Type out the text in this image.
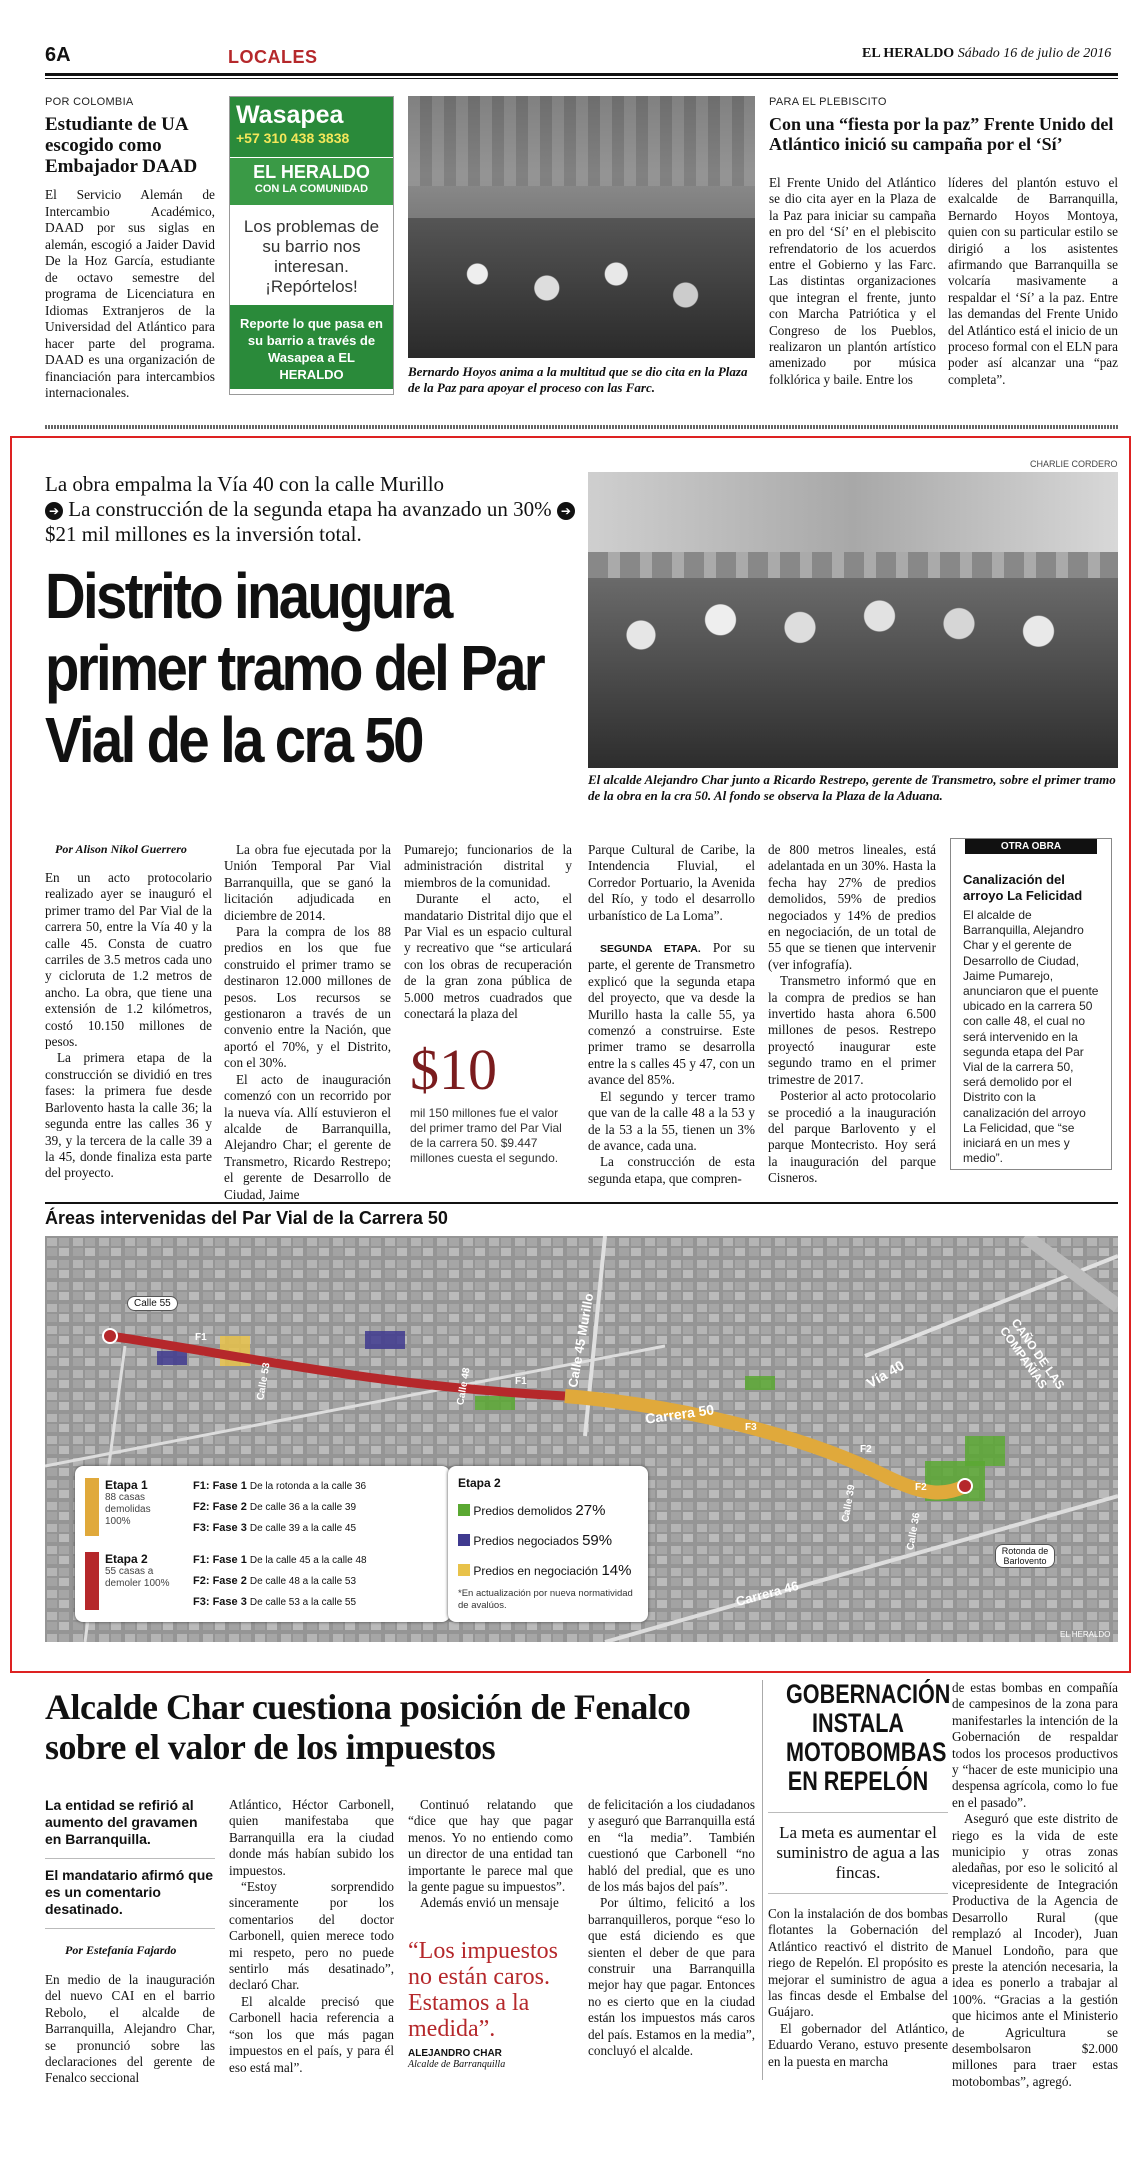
6A	LOCALES	EL HERALDO Sábado 16 de julio de 2016
POR COLOMBIA
Estudiante de UA escogido como Embajador DAAD
El Servicio Alemán de Intercambio Académico, DAAD por sus siglas en alemán, escogió a Jaider David De la Hoz García, estudiante de octavo semestre del programa de Licenciatura en Idiomas Extranjeros de la Universidad del Atlántico para hacer parte del programa. DAAD es una organización de financiación para intercambios internacionales.
Wasapea
+57 310 438 3838
EL HERALDO
CON LA COMUNIDAD
Los problemas de su barrio nos interesan. ¡Repórtelos!
Reporte lo que pasa en su barrio a través de Wasapea a EL HERALDO	Bernardo Hoyos anima a la multitud que se dio cita en la Plaza de la Paz para apoyar el proceso con las Farc.
PARA EL PLEBISCITO
Con una “fiesta por la paz” Frente Unido del Atlántico inició su campaña por el ‘Sí’
El Frente Unido del Atlántico se dio cita ayer en la Plaza de la Paz para iniciar su campaña en pro del ‘Sí’ en el plebiscito refrendatorio de los acuerdos entre el Gobierno y las Farc. Las distintas organizaciones que integran el frente, junto con Marcha Patriótica y el Congreso de los Pueblos, realizaron un plantón artístico amenizado por música folklórica y baile. Entre los
líderes del plantón estuvo el exalcalde de Barranquilla, Bernardo Hoyos Montoya, quien con su particular estilo se dirigió a los asistentes afirmando que Barranquilla se volcaría masivamente a respaldar el ‘Sí’ a la paz. Entre las demandas del Frente Unido del Atlántico está el inicio de un proceso formal con el ELN para poder así alcanzar una “paz completa”.
La obra empalma la Vía 40 con la calle Murillo
➔ La construcción de la segunda etapa ha avanzado un 30% ➔ $21 mil millones es la inversión total.
Distrito inaugura primer tramo del Par Vial de la cra 50
CHARLIE CORDERO
El alcalde Alejandro Char junto a Ricardo Restrepo, gerente de Transmetro, sobre el primer tramo de la obra en la cra 50. Al fondo se observa la Plaza de la Aduana.
Por Alison Nikol Guerrero

En un acto protocolario realizado ayer se inauguró el primer tramo del Par Vial de la carrera 50, entre la Vía 40 y la calle 45. Consta de cuatro carriles de 3.5 metros cada uno y cicloruta de 1.2 metros de ancho. La obra, que tiene una extensión de 1.2 kilómetros, costó 10.150 millones de pesos.

La primera etapa de la construcción se dividió en tres fases: la primera fue desde Barlovento hasta la calle 36; la segunda entre las calles 36 y 39, y la tercera de la calle 39 a la 45, donde finaliza esta parte del proyecto.

La obra fue ejecutada por la Unión Temporal Par Vial Barranquilla, que se ganó la licitación adjudicada en diciembre de 2014.

Para la compra de los 88 predios en los que fue construido el primer tramo se destinaron 12.000 millones de pesos. Los recursos se gestionaron a través de un convenio entre la Nación, que aportó el 70%, y el Distrito, con el 30%.

El acto de inauguración comenzó con un recorrido por la nueva vía. Allí estuvieron el alcalde de Barranquilla, Alejandro Char; el gerente de Transmetro, Ricardo Restrepo; el gerente de Desarrollo de Ciudad, Jaime

Pumarejo; funcionarios de la administración distrital y miembros de la comunidad.

Durante el acto, el mandatario Distrital dijo que el Par Vial es un espacio cultural y recreativo que “se articulará con los obras de recuperación de la gran zona pública de 5.000 metros cuadrados que conectará la plaza del

$10
mil 150 millones fue el valor del primer tramo del Par Vial de la carrera 50. $9.447 millones cuesta el segundo.

Parque Cultural de Caribe, la Intendencia Fluvial, el Corredor Portuario, la Avenida del Río, y todo el desarrollo urbanístico de La Loma”.

SEGUNDA ETAPA. Por su parte, el gerente de Transmetro explicó que la segunda etapa del proyecto, que va desde la Murillo hasta la calle 55, ya comenzó a construirse. Este primer tramo se desarrolla entre la s calles 45 y 47, con un avance del 85%.

El segundo y tercer tramo que van de la calle 48 a la 53 y de la 53 a la 55, tienen un 3% de avance, cada una.

La construcción de esta segunda etapa, que compren-

de 800 metros lineales, está adelantada en un 30%. Hasta la fecha hay 27% de predios demolidos, 59% de predios negociados y 14% de predios en negociación, de un total de 55 que se tienen que intervenir (ver infografía).

Transmetro informó que en la compra de predios se han invertido hasta ahora 6.500 millones de pesos. Restrepo proyectó inaugurar este segundo tramo en el primer trimestre de 2017.

Posterior al acto protocolario se procedió a la inauguración del parque Barlovento y el parque Montecristo. Hoy será la inauguración del parque Cisneros.

OTRA OBRA
Canalización del arroyo La Felicidad
El alcalde de Barranquilla, Alejandro Char y el gerente de Desarrollo de Ciudad, Jaime Pumarejo, anunciaron que el puente ubicado en la carrera 50 con calle 48, el cual no será intervenido en la segunda etapa del Par Vial de la carrera 50, será demolido por el Distrito con la canalización del arroyo La Felicidad, que “se iniciará en un mes y medio”.
Áreas intervenidas del Par Vial de la Carrera 50
Calle 55	Calle 45 Murillo	Vía 40
Carrera 50
Carrera 46
Calle 53	Calle 48
Calle 39
Calle 36
CAÑO DE LAS COMPAÑÍAS
Rotonda de Barlovento
EL HERALDO
F1
F1
F3
F2
F2
Etapa 1
88 casas demolidas 100%
F1: Fase 1 De la rotonda a la calle 36
F2: Fase 2 De calle 36 a la calle 39
F3: Fase 3 De calle 39 a la calle 45
Etapa 2
55 casas a demoler 100%
F1: Fase 1 De la calle 45 a la calle 48
F2: Fase 2 De calle 48 a la calle 53
F3: Fase 3 De calle 53 a la calle 55
Etapa 2
Predios demolidos 27%
Predios negociados 59%
Predios en negociación 14%
*En actualización por nueva normatividad de avalúos.
Alcalde Char cuestiona posición de Fenalco sobre el valor de los impuestos
La entidad se refirió al aumento del gravamen en Barranquilla.
El mandatario afirmó que es un comentario desatinado.
Por Estefanía Fajardo
En medio de la inauguración del nuevo CAI en el barrio Rebolo, el alcalde de Barranquilla, Alejandro Char, se pronunció sobre las declaraciones del gerente de Fenalco seccional

Atlántico, Héctor Carbonell, quien manifestaba que Barranquilla era la ciudad donde más habían subido los impuestos.

“Estoy sorprendido sinceramente por los comentarios del doctor Carbonell, quien merece todo mi respeto, pero no puede sentirlo más desatinado”, declaró Char.

El alcalde precisó que Carbonell hacia referencia a “son los que más pagan impuestos en el país, y para él eso está mal”.

Continuó relatando que “dice que hay que pagar menos. Yo no entiendo como un director de una entidad tan importante le parece mal que la gente pague su impuestos”.

Además envió un mensaje

“Los impuestos no están caros. Estamos a la medida”.
ALEJANDRO CHAR
Alcalde de Barranquilla

de felicitación a los ciudadanos y aseguró que Barranquilla está en “la media”. También cuestionó que Carbonell “no habló del predial, que es uno de los más bajos del país”.

Por último, felicitó a los barranquilleros, porque “eso lo que está diciendo es que sienten el deber de que para construir una Barranquilla mejor hay que pagar. Entonces no es cierto que en la ciudad están los impuestos más caros del país. Estamos en la media”, concluyó el alcalde.

GOBERNACIÓN INSTALA MOTOBOMBAS EN REPELÓN
La meta es aumentar el suministro de agua a las fincas.

Con la instalación de dos bombas flotantes la Gobernación del Atlántico reactivó el distrito de riego de Repelón. El propósito es mejorar el suministro de agua a las fincas desde el Embalse del Guájaro.

El gobernador del Atlántico, Eduardo Verano, estuvo presente en la puesta en marcha

de estas bombas en compañía de campesinos de la zona para manifestarles la intención de la Gobernación de respaldar todos los procesos productivos y “hacer de este municipio una despensa agrícola, como lo fue en el pasado”.

Aseguró que este distrito de riego es la vida de este municipio y otras zonas aledañas, por eso le solicitó al vicepresidente de Integración Productiva de la Agencia de Desarrollo Rural (que remplazó al Incoder), Juan Manuel Londoño, para que preste la atención necesaria, la idea es ponerlo a trabajar al 100%. “Gracias a la gestión que hicimos ante el Ministerio de Agricultura se desembolsaron $2.000 millones para traer estas motobombas”, agregó.
